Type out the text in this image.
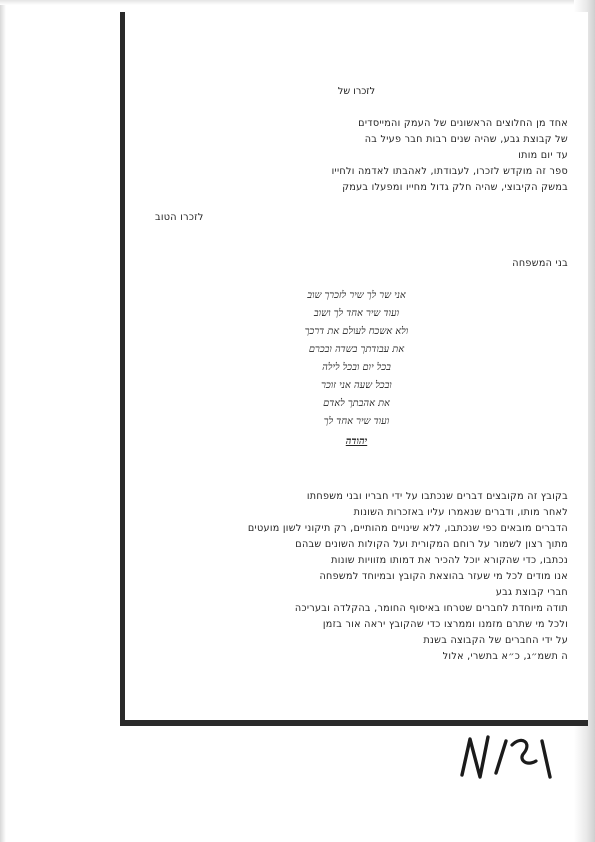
לזכרו של

אחד מן החלוצים הראשונים של העמק והמייסדים

של קבוצת גבע, שהיה שנים רבות חבר פעיל בה

עד יום מותו

ספר זה מוקדש לזכרו, לעבודתו, לאהבתו לאדמה ולחייו

במשק הקיבוצי, שהיה חלק גדול מחייו ומפעלו בעמק

לזכרו הטוב

בני המשפחה

אני שר לך שיר לזכרך שוב

ועוד שיר אחד לך ושוב

ולא אשכח לעולם את דרכך

את עבודתך בשדה ובכרם

בכל יום ובכל לילה

ובכל שעה אני זוכר

את אהבתך לאדם

ועוד שיר אחד לך

יהודה

בקובץ זה מקובצים דברים שנכתבו על ידי חבריו ובני משפחתו

לאחר מותו, ודברים שנאמרו עליו באזכרות השונות

הדברים מובאים כפי שנכתבו, ללא שינויים מהותיים, רק תיקוני לשון מועטים

מתוך רצון לשמור על רוחם המקורית ועל הקולות השונים שבהם

נכתבו, כדי שהקורא יוכל להכיר את דמותו מזוויות שונות

אנו מודים לכל מי שעזר בהוצאת הקובץ ובמיוחד למשפחה

חברי קבוצת גבע

תודה מיוחדת לחברים שטרחו באיסוף החומר, בהקלדה ובעריכה

ולכל מי שתרם מזמנו וממרצו כדי שהקובץ יראה אור בזמן

על ידי החברים של הקבוצה בשנת

ה תשמ״ג, כ״א בתשרי, אלול
